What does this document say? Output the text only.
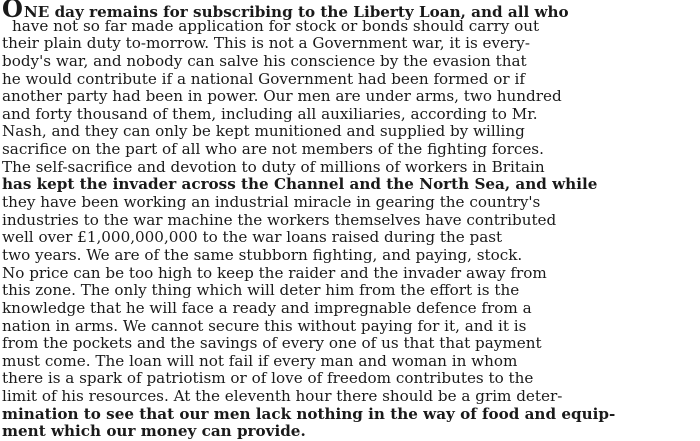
ONE day remains for subscribing to the Liberty Loan, and all who
have not so far made application for stock or bonds should carry out
their plain duty to-morrow. This is not a Government war, it is every-
body's war, and nobody can salve his conscience by the evasion that
he would contribute if a national Government had been formed or if
another party had been in power. Our men are under arms, two hundred
and forty thousand of them, including all auxiliaries, according to Mr.
Nash, and they can only be kept munitioned and supplied by willing
sacrifice on the part of all who are not members of the fighting forces.
The self-sacrifice and devotion to duty of millions of workers in Britain
has kept the invader across the Channel and the North Sea, and while
they have been working an industrial miracle in gearing the country's
industries to the war machine the workers themselves have contributed
well over £1,000,000,000 to the war loans raised during the past
two years. We are of the same stubborn fighting, and paying, stock.
No price can be too high to keep the raider and the invader away from
this zone. The only thing which will deter him from the effort is the
knowledge that he will face a ready and impregnable defence from a
nation in arms. We cannot secure this without paying for it, and it is
from the pockets and the savings of every one of us that that payment
must come. The loan will not fail if every man and woman in whom
there is a spark of patriotism or of love of freedom contributes to the
limit of his resources. At the eleventh hour there should be a grim deter-
mination to see that our men lack nothing in the way of food and equip-
ment which our money can provide.
